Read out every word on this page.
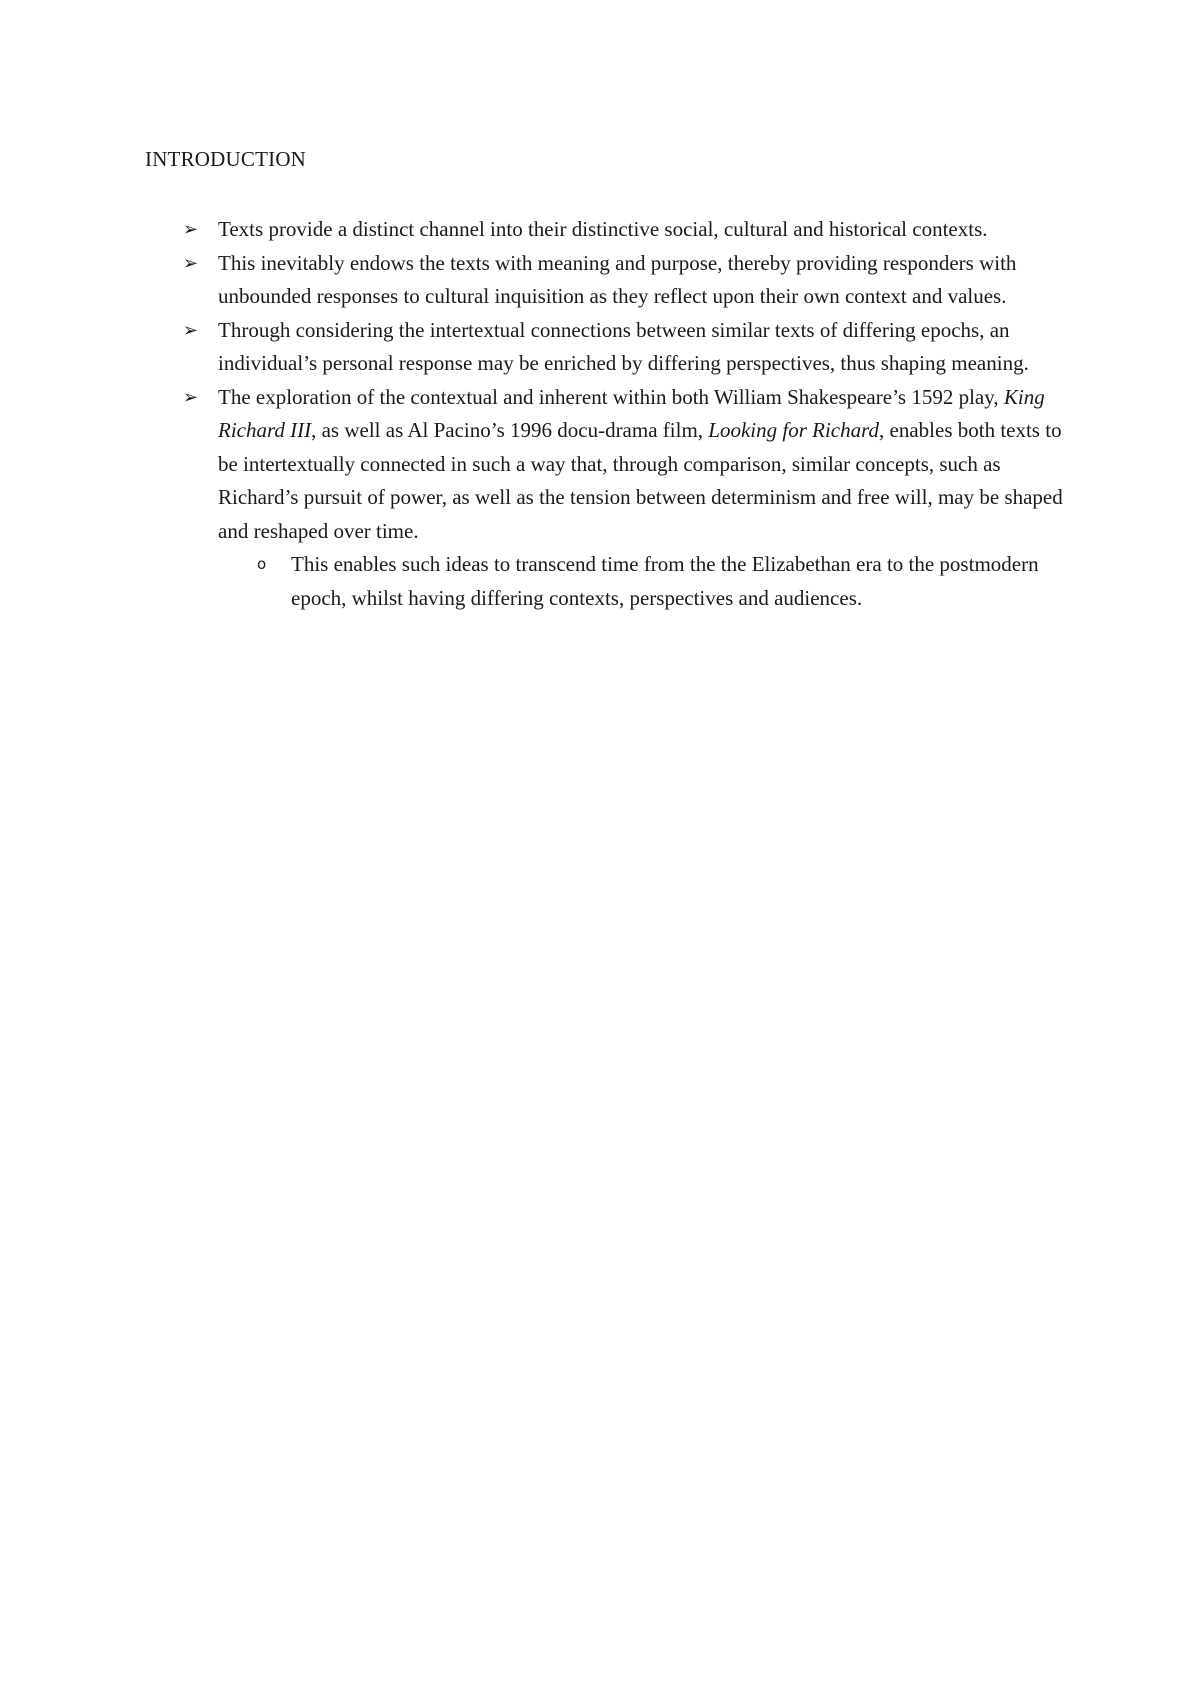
INTRODUCTION
➢ Texts provide a distinct channel into their distinctive social, cultural and historical contexts.
➢ This inevitably endows the texts with meaning and purpose, thereby providing responders with unbounded responses to cultural inquisition as they reflect upon their own context and values.
➢ Through considering the intertextual connections between similar texts of differing epochs, an individual’s personal response may be enriched by differing perspectives, thus shaping meaning.
➢ The exploration of the contextual and inherent within both William Shakespeare’s 1592 play, King Richard III, as well as Al Pacino’s 1996 docu-drama film, Looking for Richard, enables both texts to be intertextually connected in such a way that, through comparison, similar concepts, such as Richard’s pursuit of power, as well as the tension between determinism and free will, may be shaped and reshaped over time.
o This enables such ideas to transcend time from the the Elizabethan era to the postmodern epoch, whilst having differing contexts, perspectives and audiences.
